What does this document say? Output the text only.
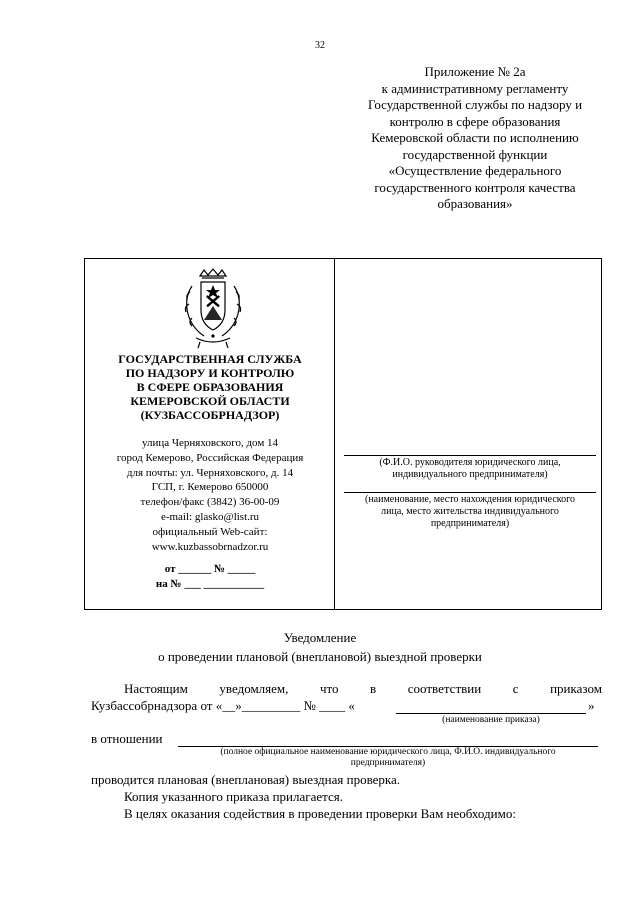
32
Приложение № 2а
к административному регламенту
Государственной службы по надзору и
контролю в сфере образования
Кемеровской области по исполнению
государственной функции
«Осуществление федерального
государственного контроля качества
образования»
ГОСУДАРСТВЕННАЯ СЛУЖБА
ПО НАДЗОРУ И КОНТРОЛЮ
В СФЕРЕ ОБРАЗОВАНИЯ
КЕМЕРОВСКОЙ ОБЛАСТИ
(КУЗБАССОБРНАДЗОР)
улица Черняховского, дом 14
город Кемерово, Российская Федерация
для почты: ул. Черняховского, д. 14
ГСП, г. Кемерово 650000
телефон/факс (3842) 36-00-09
e-mail: glasko@list.ru
официальный Web-сайт:
www.kuzbassobrnadzor.ru
от ______ № _____
на № ___ ___________
(Ф.И.О. руководителя юридического лица,
индивидуального предпринимателя)
(наименование, место нахождения юридического
лица, место жительства индивидуального
предпринимателя)
Уведомление
о проведении плановой (внеплановой) выездной проверки
Настоящим уведомляем, что в соответствии с приказом
Кузбассобрнадзора от «__»_________ № ____ «	»
(наименование приказа)
в отношении
(полное официальное наименование юридического лица, Ф.И.О. индивидуального
предпринимателя)
проводится плановая (внеплановая) выездная проверка.
Копия указанного приказа прилагается.
В целях оказания содействия в проведении проверки Вам необходимо:
